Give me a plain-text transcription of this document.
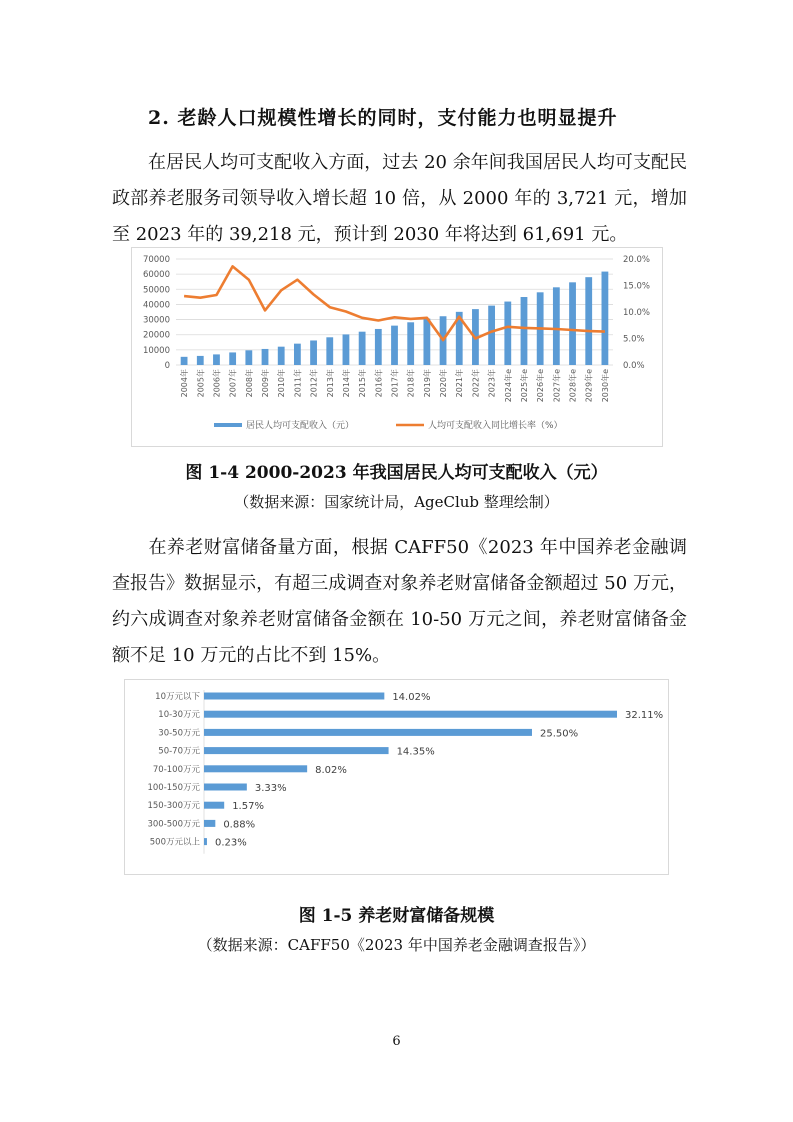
2. 老龄人口规模性增长的同时，支付能力也明显提升
在居民人均可支配收入方面，过去 20 余年间我国居民人均可支配民政部养老服务司领导收入增长超 10 倍，从 2000 年的 3,721 元，增加至 2023 年的 39,218 元，预计到 2030 年将达到 61,691 元。
0
10000
20000
30000
40000
50000
60000
70000
0.0%
5.0%
10.0%
15.0%
20.0%
2004年 2005年 2006年 2007年 2008年 2009年 2010年 2011年 2012年 2013年 2014年 2015年 2016年 2017年 2018年 2019年 2020年 2021年 2022年 2023年 2024年e 2025年e 2026年e 2027年e 2028年e 2029年e 2030年e
居民人均可支配收入（元）	人均可支配收入同比增长率（%）
图 1-4 2000-2023 年我国居民人均可支配收入（元）
（数据来源：国家统计局，AgeClub 整理绘制）
在养老财富储备量方面，根据 CAFF50《2023 年中国养老金融调查报告》数据显示，有超三成调查对象养老财富储备金额超过 50 万元，约六成调查对象养老财富储备金额在 10-50 万元之间，养老财富储备金额不足 10 万元的占比不到 15%。
10万元以下	14.02%
10-30万元	32.11%
30-50万元	25.50%
50-70万元	14.35%
70-100万元	8.02%
100-150万元	3.33%
150-300万元	1.57%
300-500万元 0.88%
500万元以上 0.23%
图 1-5 养老财富储备规模
（数据来源：CAFF50《2023 年中国养老金融调查报告》）
6
